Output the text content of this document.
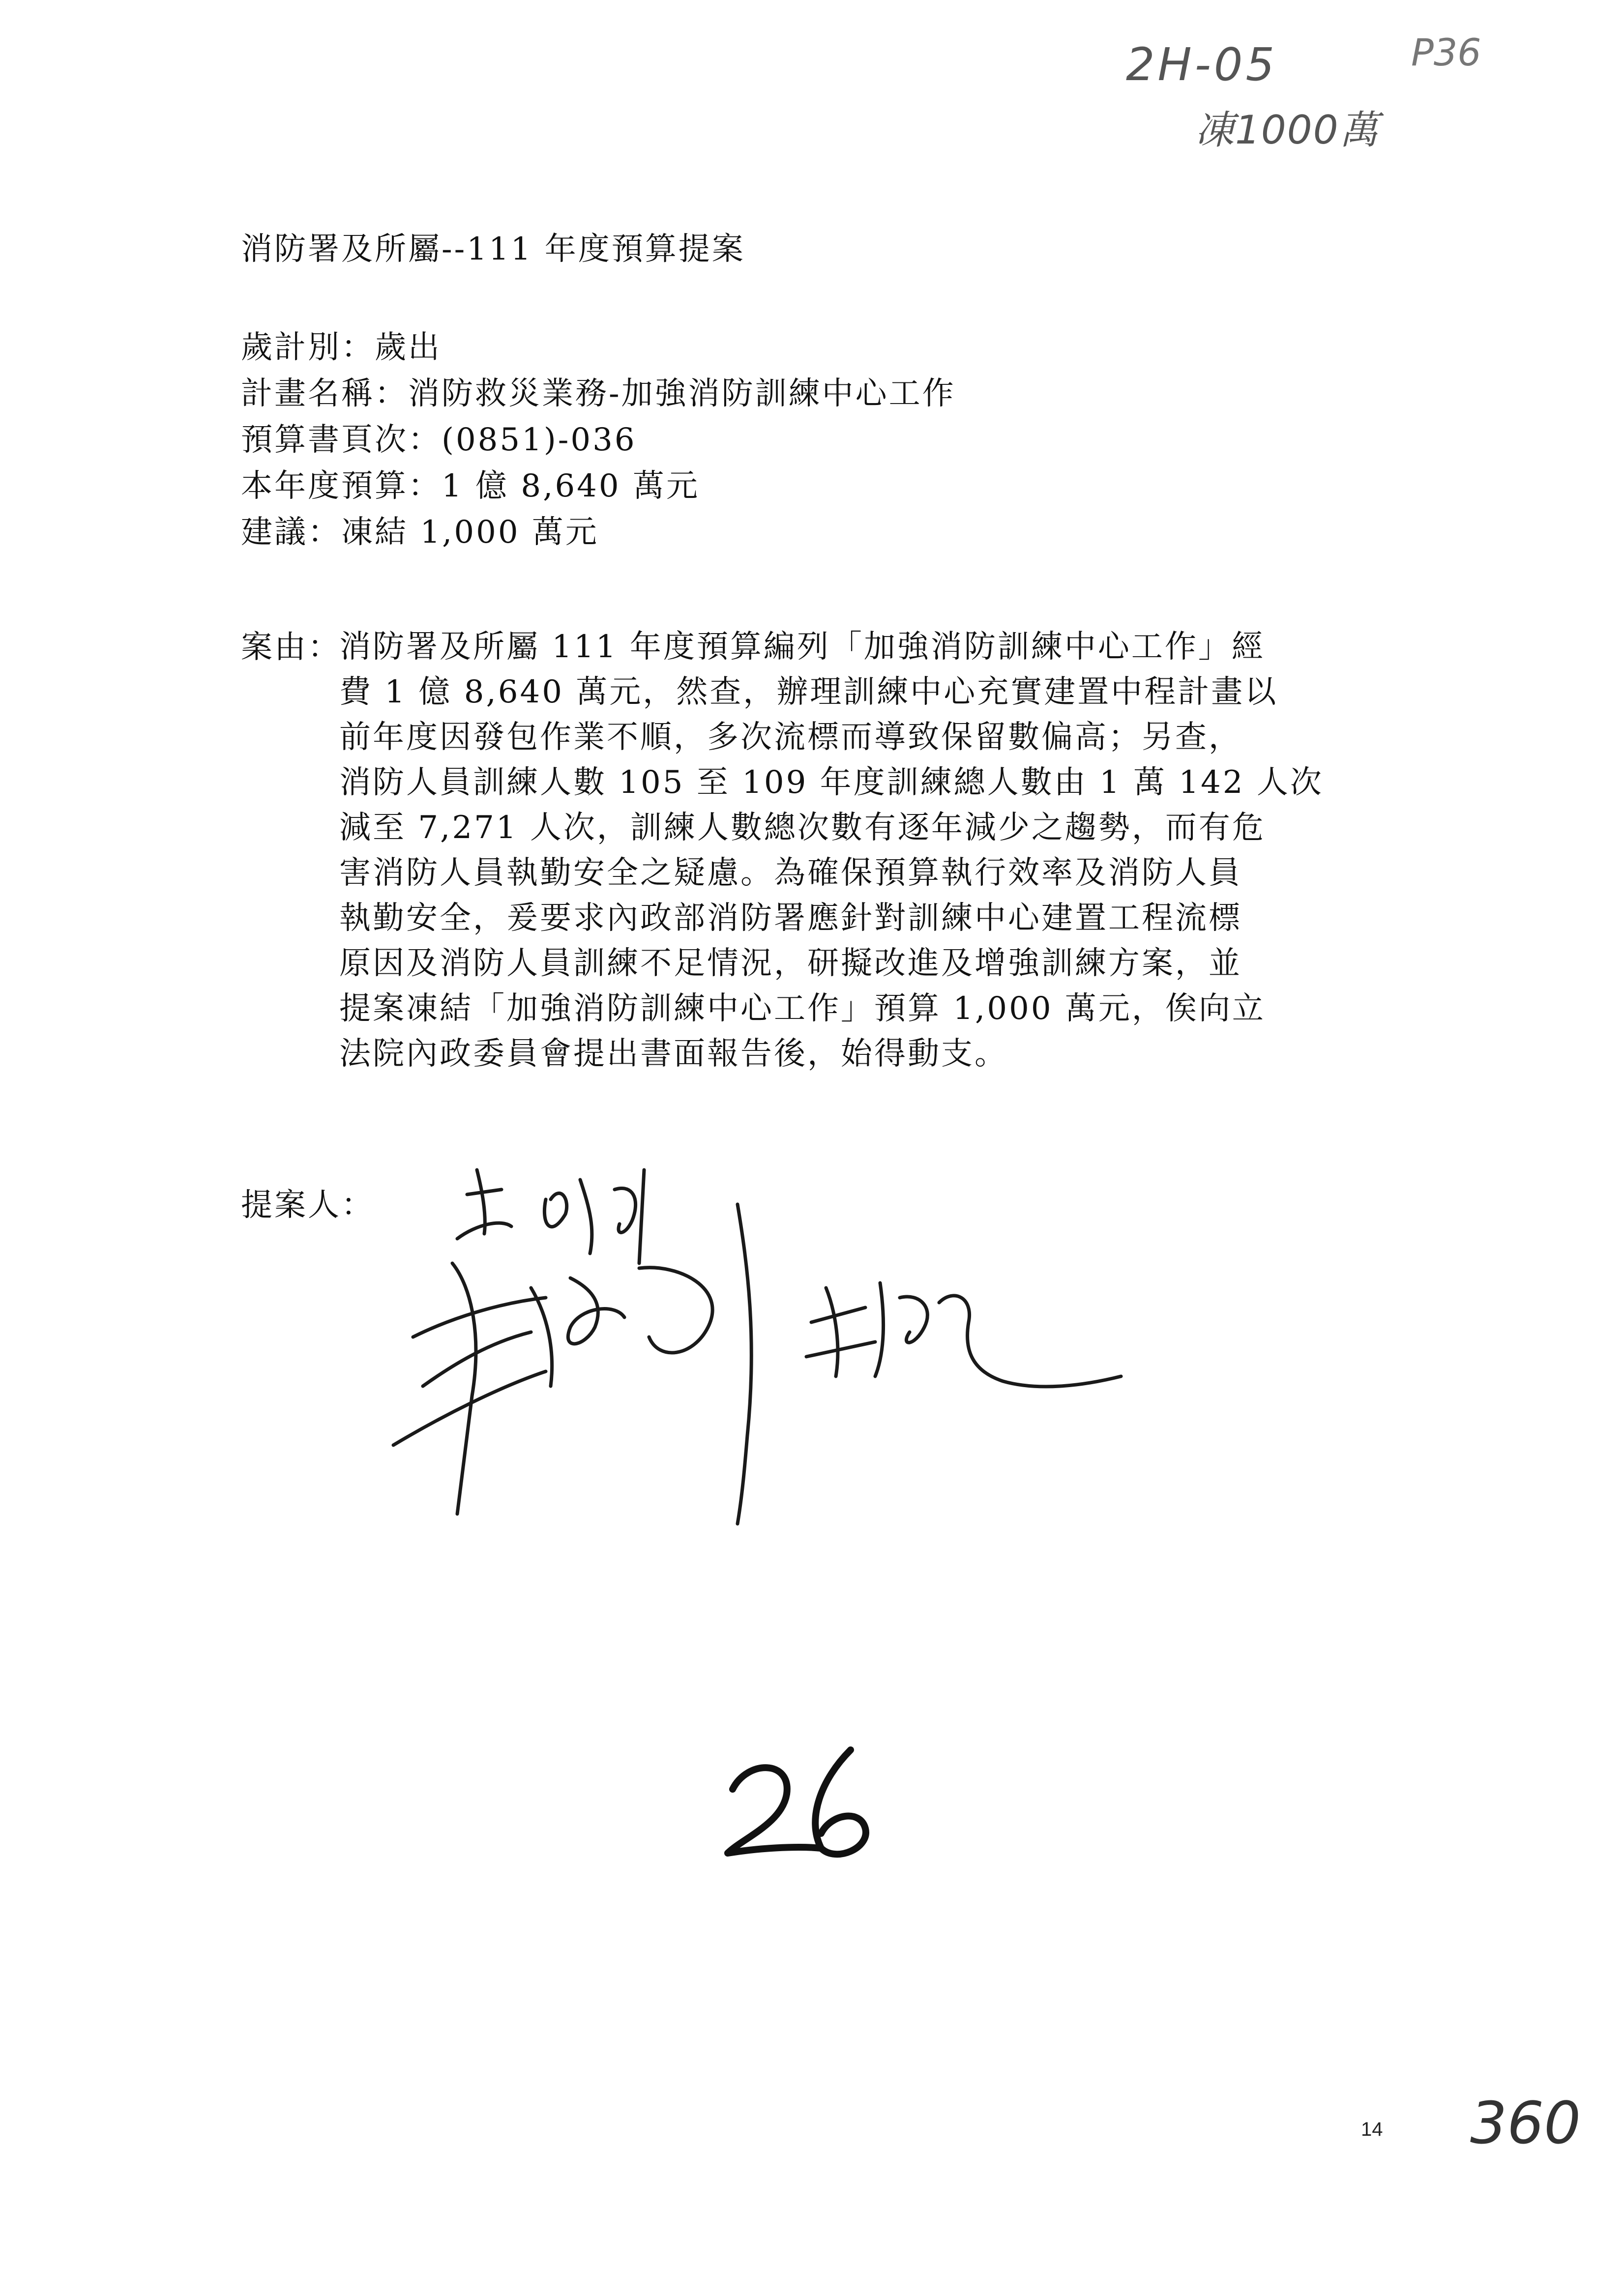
2H-05	P36
凍1000萬
消防署及所屬--111 年度預算提案
歲計別：歲出
計畫名稱：消防救災業務-加強消防訓練中心工作
預算書頁次：(0851)-036
本年度預算：1 億 8,640 萬元
建議：凍結 1,000 萬元
案由：
消防署及所屬 111 年度預算編列「加強消防訓練中心工作」經
費 1 億 8,640 萬元，然查，辦理訓練中心充實建置中程計畫以
前年度因發包作業不順，多次流標而導致保留數偏高；另查，
消防人員訓練人數 105 至 109 年度訓練總人數由 1 萬 142 人次
減至 7,271 人次，訓練人數總次數有逐年減少之趨勢，而有危
害消防人員執勤安全之疑慮。為確保預算執行效率及消防人員
執勤安全，爰要求內政部消防署應針對訓練中心建置工程流標
原因及消防人員訓練不足情況，研擬改進及增強訓練方案，並
提案凍結「加強消防訓練中心工作」預算 1,000 萬元，俟向立
法院內政委員會提出書面報告後，始得動支。
提案人：
14 360
